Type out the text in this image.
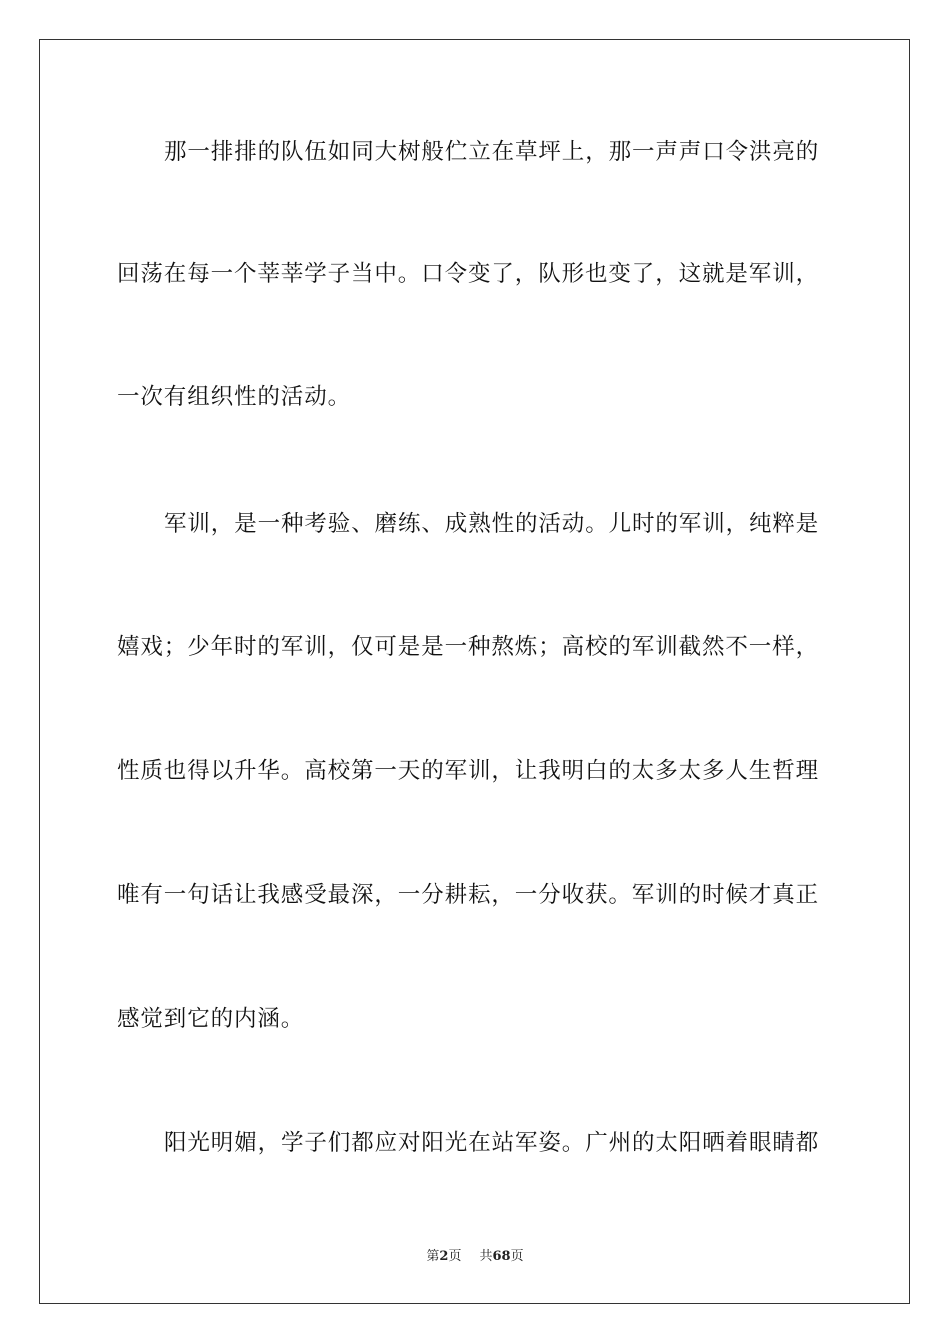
那一排排的队伍如同大树般伫立在草坪上，那一声声口令洪亮的
回荡在每一个莘莘学子当中。口令变了，队形也变了，这就是军训，
一次有组织性的活动。
军训，是一种考验、磨练、成熟性的活动。儿时的军训，纯粹是
嬉戏；少年时的军训，仅可是是一种熬炼；高校的军训截然不一样，
性质也得以升华。高校第一天的军训，让我明白的太多太多人生哲理
唯有一句话让我感受最深，一分耕耘，一分收获。军训的时候才真正
感觉到它的内涵。
阳光明媚，学子们都应对阳光在站军姿。广州的太阳晒着眼睛都
第2页 共68页
